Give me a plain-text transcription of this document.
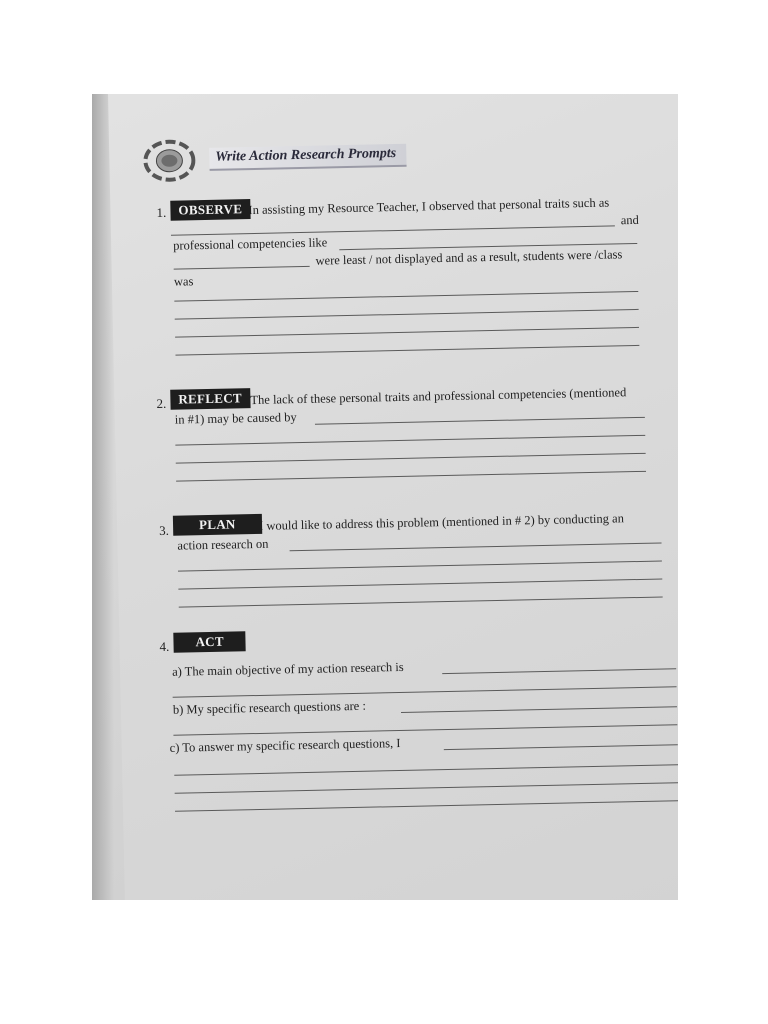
Write Action Research Prompts
1. OBSERVE In assisting my Resource Teacher, I observed that personal traits such as
and
professional competencies like
were least / not displayed and as a result, students were /class
was
2. REFLECT The lack of these personal traits and professional competencies (mentioned
in #1) may be caused by
3.	PLAN	I would like to address this problem (mentioned in # 2) by conducting an
action research on
4.	ACT
a) The main objective of my action research is
b) My specific research questions are :
c) To answer my specific research questions, I
